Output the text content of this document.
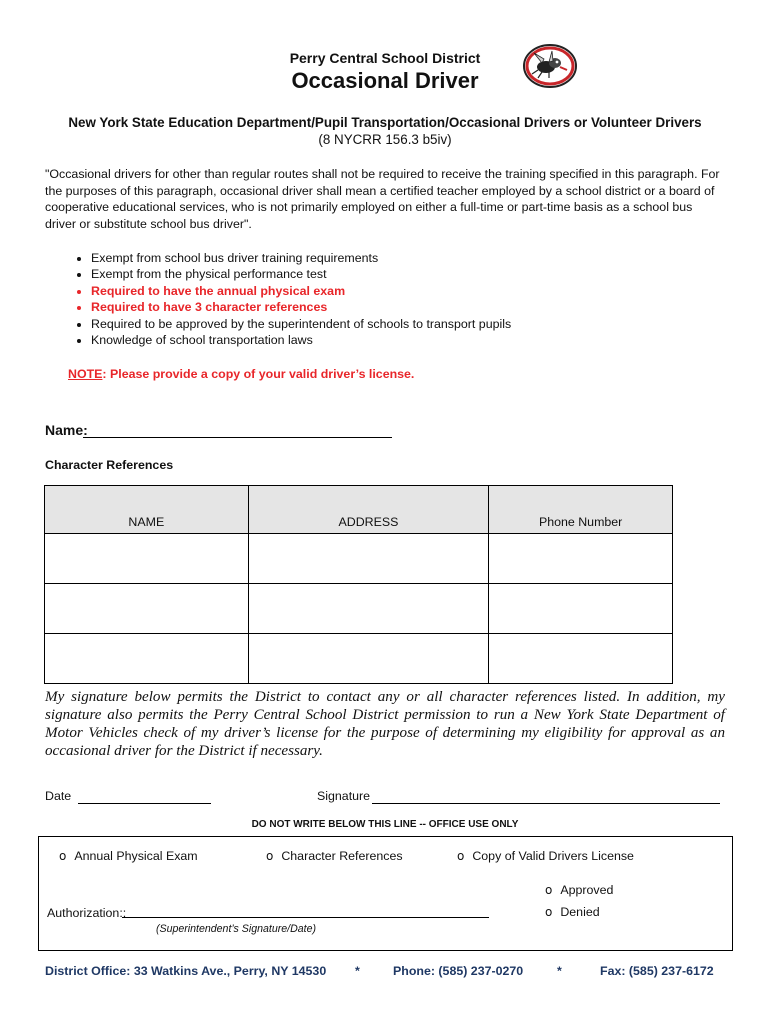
Perry Central School District
Occasional Driver
New York State Education Department/Pupil Transportation/Occasional Drivers or Volunteer Drivers
(8 NYCRR 156.3 b5iv)
"Occasional drivers for other than regular routes shall not be required to receive the training specified in this paragraph. For the purposes of this paragraph, occasional driver shall mean a certified teacher employed by a school district or a board of cooperative educational services, who is not primarily employed on either a full-time or part-time basis as a school bus driver or substitute school bus driver".
• Exempt from school bus driver training requirements
• Exempt from the physical performance test
• Required to have the annual physical exam
• Required to have 3 character references
• Required to be approved by the superintendent of schools to transport pupils
• Knowledge of school transportation laws
NOTE: Please provide a copy of your valid driver’s license.
Name:
Character References
NAME	ADDRESS	Phone Number

My signature below permits the District to contact any or all character references listed. In addition, my signature also permits the Perry Central School District permission to run a New York State Department of Motor Vehicles check of my driver’s license for the purpose of determining my eligibility for approval as an occasional driver for the District if necessary.
Date	Signature
DO NOT WRITE BELOW THIS LINE -- OFFICE USE ONLY
o Annual Physical Exam	o Character References	o Copy of Valid Drivers License
o Approved
o Denied
Authorization::
(Superintendent’s Signature/Date)
District Office: 33 Watkins Ave., Perry, NY 14530 *	Phone: (585) 237-0270	*	Fax: (585) 237-6172
